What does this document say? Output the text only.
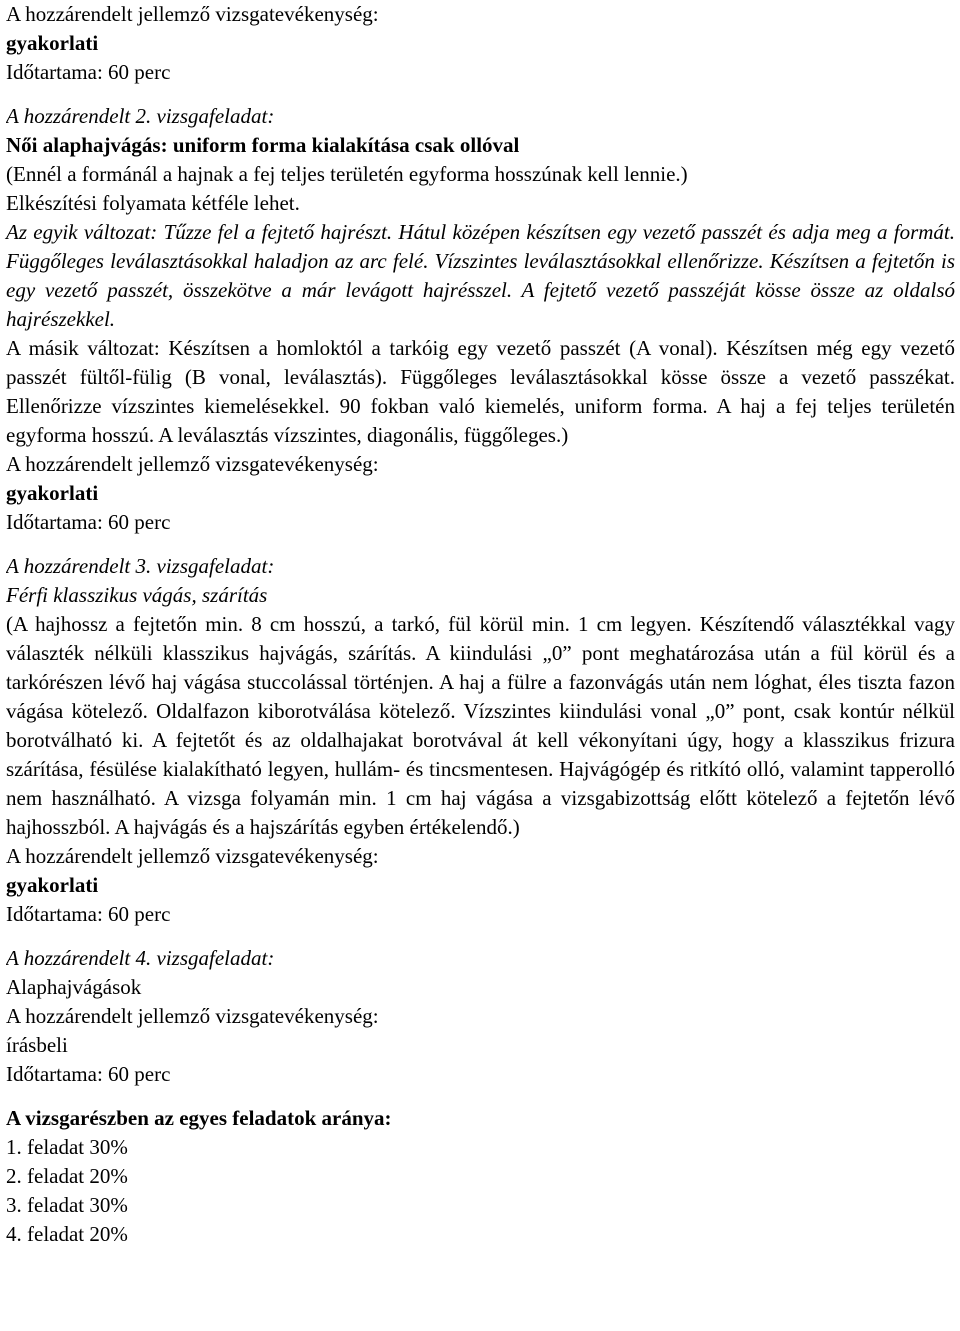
A hozzárendelt jellemző vizsgatevékenység:
gyakorlati
Időtartama: 60 perc
A hozzárendelt 2. vizsgafeladat:
Női alaphajvágás: uniform forma kialakítása csak ollóval
(Ennél a formánál a hajnak a fej teljes területén egyforma hosszúnak kell lennie.)
Elkészítési folyamata kétféle lehet.

Az egyik változat: Tűzze fel a fejtető hajrészt. Hátul középen készítsen egy vezető passzét és adja meg a formát. Függőleges leválasztásokkal haladjon az arc felé. Vízszintes leválasztásokkal ellenőrizze. Készítsen a fejtetőn is egy vezető passzét, összekötve a már levágott hajrésszel. A fejtető vezető passzéját kösse össze az oldalsó hajrészekkel.

A másik változat: Készítsen a homloktól a tarkóig egy vezető passzét (A vonal). Készítsen még egy vezető passzét fültől-fülig (B vonal, leválasztás). Függőleges leválasztásokkal kösse össze a vezető passzékat. Ellenőrizze vízszintes kiemelésekkel. 90 fokban való kiemelés, uniform forma. A haj a fej teljes területén egyforma hosszú. A leválasztás vízszintes, diagonális, függőleges.)

A hozzárendelt jellemző vizsgatevékenység:
gyakorlati
Időtartama: 60 perc
A hozzárendelt 3. vizsgafeladat:
Férfi klasszikus vágás, szárítás

(A hajhossz a fejtetőn min. 8 cm hosszú, a tarkó, fül körül min. 1 cm legyen. Készítendő választékkal vagy választék nélküli klasszikus hajvágás, szárítás. A kiindulási „0” pont meghatározása után a fül körül és a tarkórészen lévő haj vágása stuccolással történjen. A haj a fülre a fazonvágás után nem lóghat, éles tiszta fazon vágása kötelező. Oldalfazon kiborotválása kötelező. Vízszintes kiindulási vonal „0” pont, csak kontúr nélkül borotválható ki. A fejtetőt és az oldalhajakat borotvával át kell vékonyítani úgy, hogy a klasszikus frizura szárítása, fésülése kialakítható legyen, hullám- és tincsmentesen. Hajvágógép és ritkító olló, valamint tapperolló nem használható. A vizsga folyamán min. 1 cm haj vágása a vizsgabizottság előtt kötelező a fejtetőn lévő hajhosszból. A hajvágás és a hajszárítás egyben értékelendő.)

A hozzárendelt jellemző vizsgatevékenység:
gyakorlati
Időtartama: 60 perc
A hozzárendelt 4. vizsgafeladat:
Alaphajvágások
A hozzárendelt jellemző vizsgatevékenység:
írásbeli
Időtartama: 60 perc
A vizsgarészben az egyes feladatok aránya:
1. feladat 30%
2. feladat 20%
3. feladat 30%
4. feladat 20%
